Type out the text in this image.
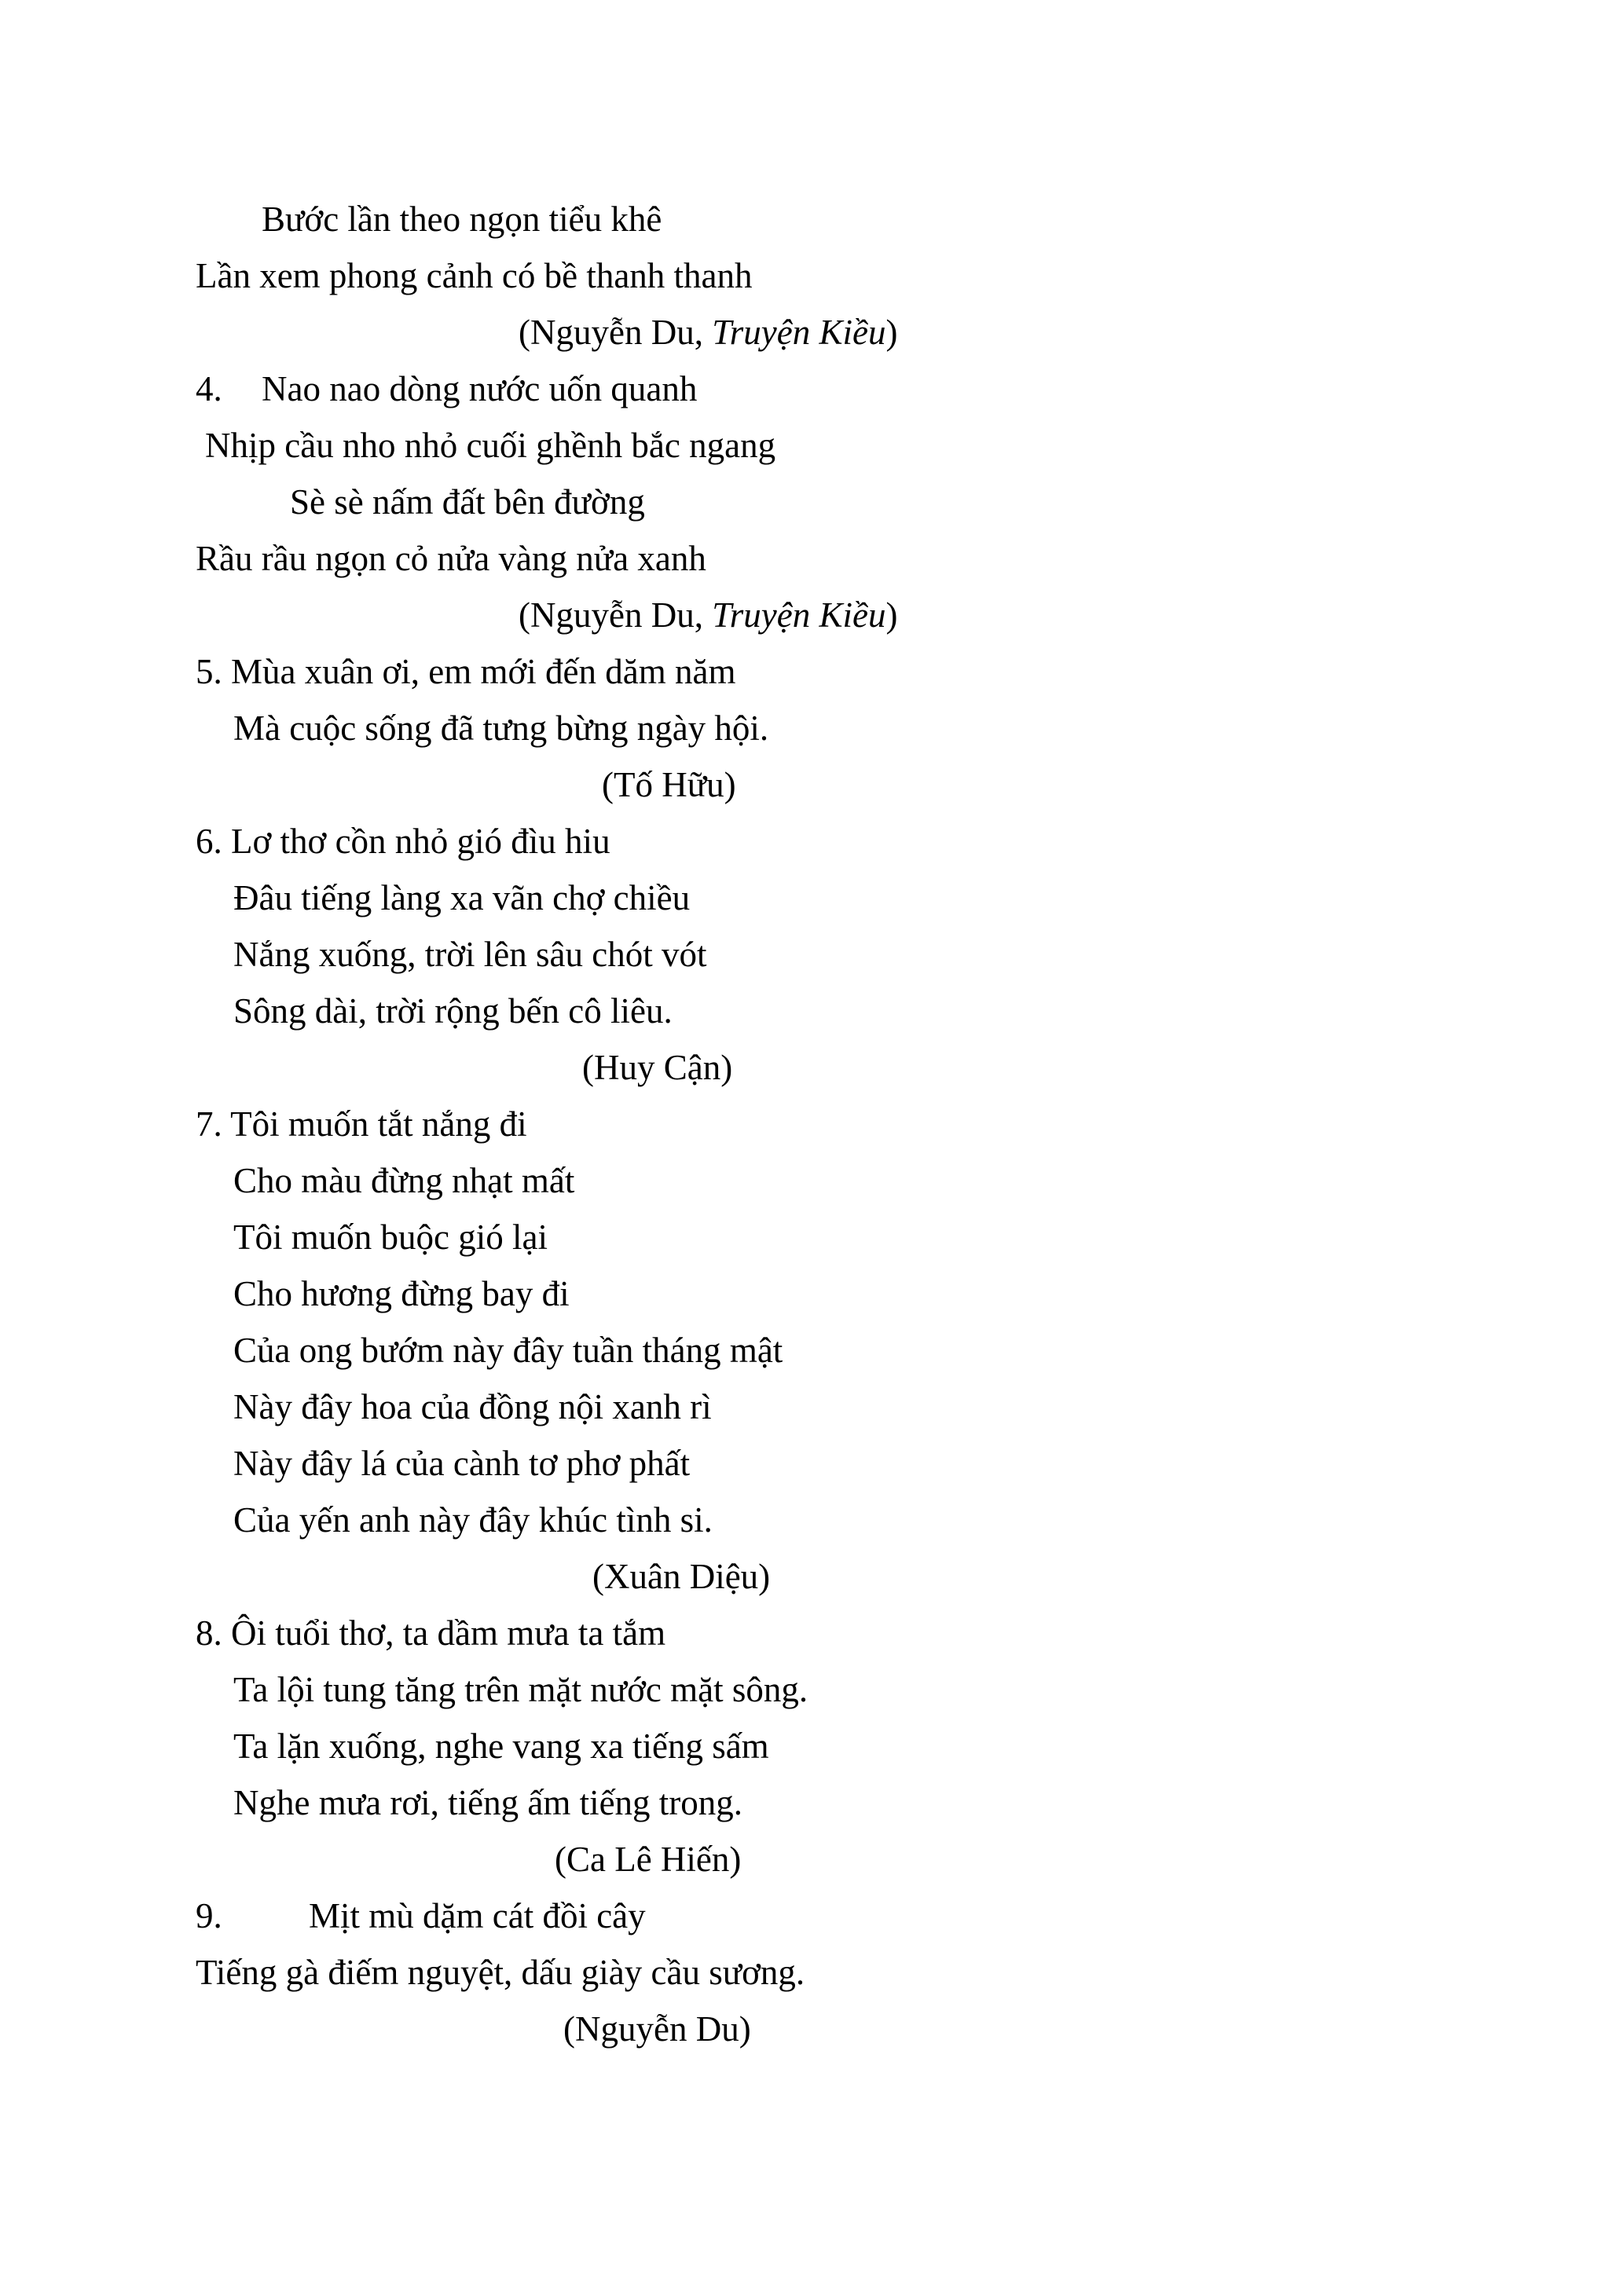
Bước lần theo ngọn tiểu khê
Lần xem phong cảnh có bề thanh thanh
(Nguyễn Du, Truyện Kiều)
4. Nao nao dòng nước uốn quanh
Nhịp cầu nho nhỏ cuối ghềnh bắc ngang
Sè sè nấm đất bên đường
Rầu rầu ngọn cỏ nửa vàng nửa xanh
(Nguyễn Du, Truyện Kiều)
5. Mùa xuân ơi, em mới đến dăm năm
Mà cuộc sống đã tưng bừng ngày hội.
(Tố Hữu)
6. Lơ thơ cồn nhỏ gió đìu hiu
Đâu tiếng làng xa vãn chợ chiều
Nắng xuống, trời lên sâu chót vót
Sông dài, trời rộng bến cô liêu.
(Huy Cận)
7. Tôi muốn tắt nắng đi
Cho màu đừng nhạt mất
Tôi muốn buộc gió lại
Cho hương đừng bay đi
Của ong bướm này đây tuần tháng mật
Này đây hoa của đồng nội xanh rì
Này đây lá của cành tơ phơ phất
Của yến anh này đây khúc tình si.
(Xuân Diệu)
8. Ôi tuổi thơ, ta dầm mưa ta tắm
Ta lội tung tăng trên mặt nước mặt sông.
Ta lặn xuống, nghe vang xa tiếng sấm
Nghe mưa rơi, tiếng ấm tiếng trong.
(Ca Lê Hiến)
9. Mịt mù dặm cát đồi cây
Tiếng gà điếm nguyệt, dấu giày cầu sương.
(Nguyễn Du)
